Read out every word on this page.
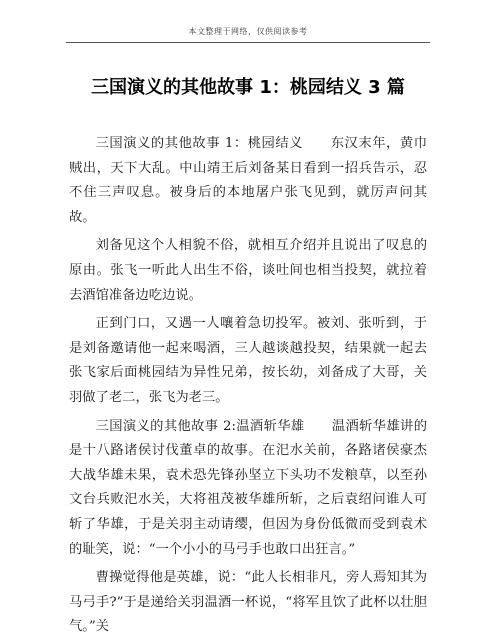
本文整理于网络，仅供阅读参考
三国演义的其他故事 1：桃园结义 3 篇

三国演义的其他故事 1：桃园结义　　东汉末年，黄巾贼出，天下大乱。中山靖王后刘备某日看到一招兵告示，忍不住三声叹息。被身后的本地屠户张飞见到，就厉声问其故。

刘备见这个人相貌不俗，就相互介绍并且说出了叹息的原由。张飞一听此人出生不俗，谈吐间也相当投契，就拉着去酒馆准备边吃边说。

正到门口，又遇一人嚷着急切投军。被刘、张听到，于是刘备邀请他一起来喝酒，三人越谈越投契，结果就一起去张飞家后面桃园结为异性兄弟，按长幼，刘备成了大哥，关羽做了老二，张飞为老三。

三国演义的其他故事 2:温酒斩华雄　　温酒斩华雄讲的是十八路诸侯讨伐董卓的故事。在汜水关前，各路诸侯豪杰大战华雄未果，袁术恐先锋孙坚立下头功不发粮草，以至孙文台兵败汜水关，大将祖茂被华雄所斩，之后袁绍问谁人可斩了华雄，于是关羽主动请缨，但因为身份低微而受到袁术的耻笑，说：“一个小小的马弓手也敢口出狂言。”

曹操觉得他是英雄，说：“此人长相非凡，旁人焉知其为马弓手?”于是递给关羽温酒一杯说，“将军且饮了此杯以壮胆气。”关
